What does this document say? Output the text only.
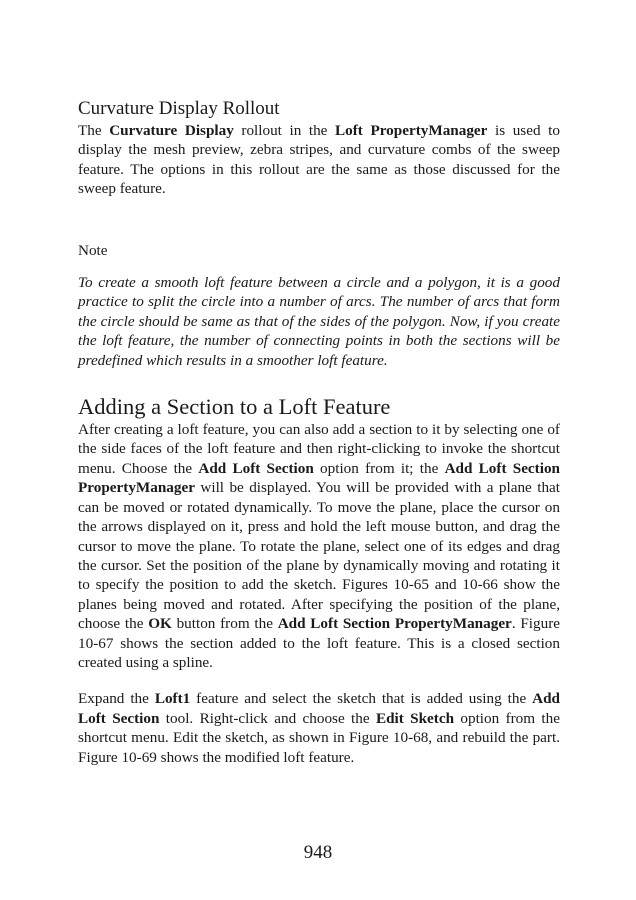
Curvature Display Rollout

The Curvature Display rollout in the Loft PropertyManager is used to display the mesh preview, zebra stripes, and curvature combs of the sweep feature. The options in this rollout are the same as those discussed for the sweep feature.

Note

To create a smooth loft feature between a circle and a polygon, it is a good practice to split the circle into a number of arcs. The number of arcs that form the circle should be same as that of the sides of the polygon. Now, if you create the loft feature, the number of connecting points in both the sections will be predefined which results in a smoother loft feature.

Adding a Section to a Loft Feature

After creating a loft feature, you can also add a section to it by selecting one of the side faces of the loft feature and then right-clicking to invoke the shortcut menu. Choose the Add Loft Section option from it; the Add Loft Section PropertyManager will be displayed. You will be provided with a plane that can be moved or rotated dynamically. To move the plane, place the cursor on the arrows displayed on it, press and hold the left mouse button, and drag the cursor to move the plane. To rotate the plane, select one of its edges and drag the cursor. Set the position of the plane by dynamically moving and rotating it to specify the position to add the sketch. Figures 10-65 and 10-66 show the planes being moved and rotated. After specifying the position of the plane, choose the OK button from the Add Loft Section PropertyManager. Figure 10-67 shows the section added to the loft feature. This is a closed section created using a spline.

Expand the Loft1 feature and select the sketch that is added using the Add Loft Section tool. Right-click and choose the Edit Sketch option from the shortcut menu. Edit the sketch, as shown in Figure 10-68, and rebuild the part. Figure 10-69 shows the modified loft feature.

948
